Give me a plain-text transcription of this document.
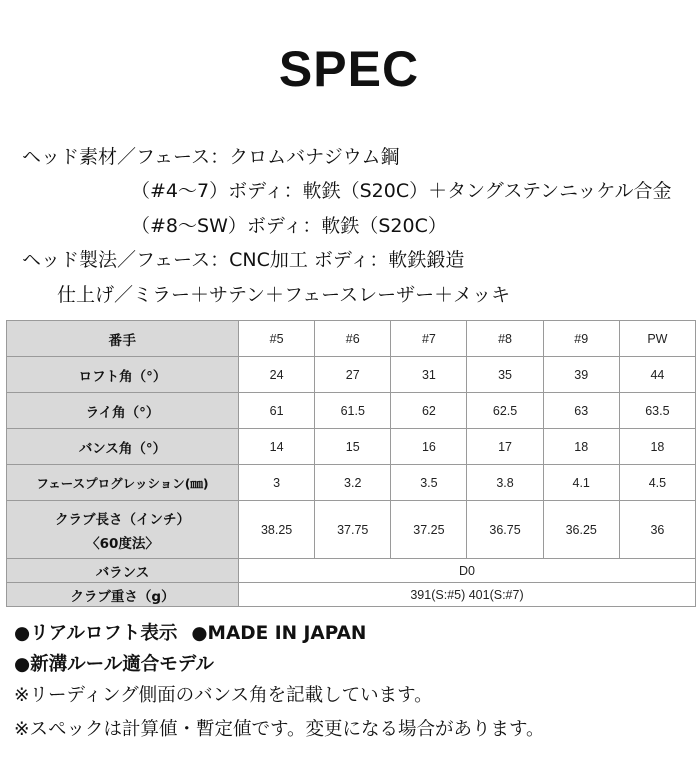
SPEC
ヘッド素材／フェース：クロムバナジウム鋼
（#4～7）ボディ：軟鉄（S20C）＋タングステンニッケル合金
（#8～SW）ボディ：軟鉄（S20C）
ヘッド製法／フェース：CNC加工 ボディ：軟鉄鍛造
仕上げ／ミラー＋サテン＋フェースレーザー＋メッキ
番手	#5	#6	#7	#8	#9	PW
ロフト角（°）	24	27	31	35	39	44
ライ角（°）	61	61.5	62	62.5	63	63.5
バンス角（°）	14	15	16	17	18	18
フェースプログレッション(㎜)	3	3.2	3.5	3.8	4.1	4.5

クラブ長さ（インチ）
〈60度法〉	38.25	37.75	37.25	36.75	36.25	36
バランス	D0					
クラブ重さ（g）	391(S:#5) 401(S:#7)					
●リアルロフト表示 ●MADE IN JAPAN
●新溝ルール適合モデル
※リーディング側面のバンス角を記載しています。
※スペックは計算値・暫定値です。変更になる場合があります。
